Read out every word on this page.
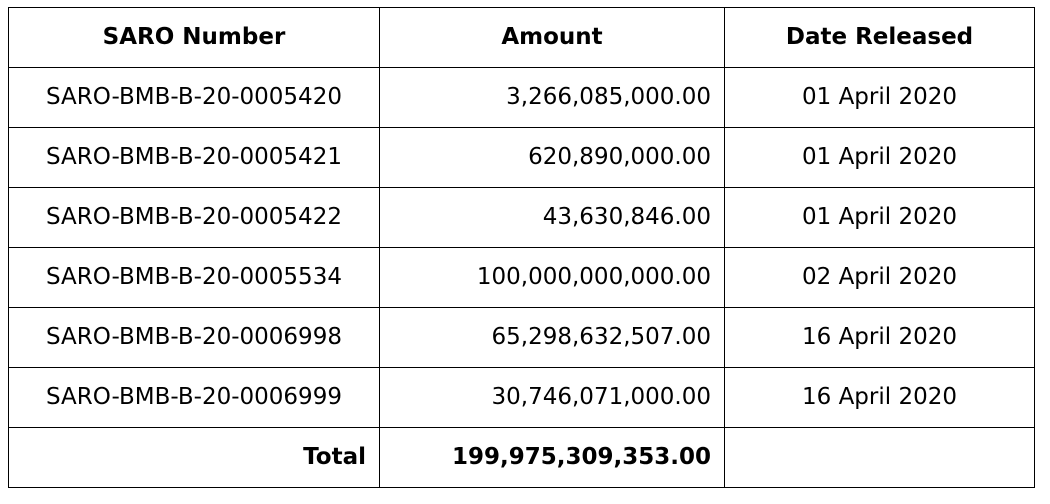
SARO Number	Amount	Date Released
SARO-BMB-B-20-0005420	3,266,085,000.00	01 April 2020
SARO-BMB-B-20-0005421	620,890,000.00	01 April 2020
SARO-BMB-B-20-0005422	43,630,846.00	01 April 2020
SARO-BMB-B-20-0005534	100,000,000,000.00	02 April 2020
SARO-BMB-B-20-0006998	65,298,632,507.00	16 April 2020
SARO-BMB-B-20-0006999	30,746,071,000.00	16 April 2020
Total	199,975,309,353.00	
